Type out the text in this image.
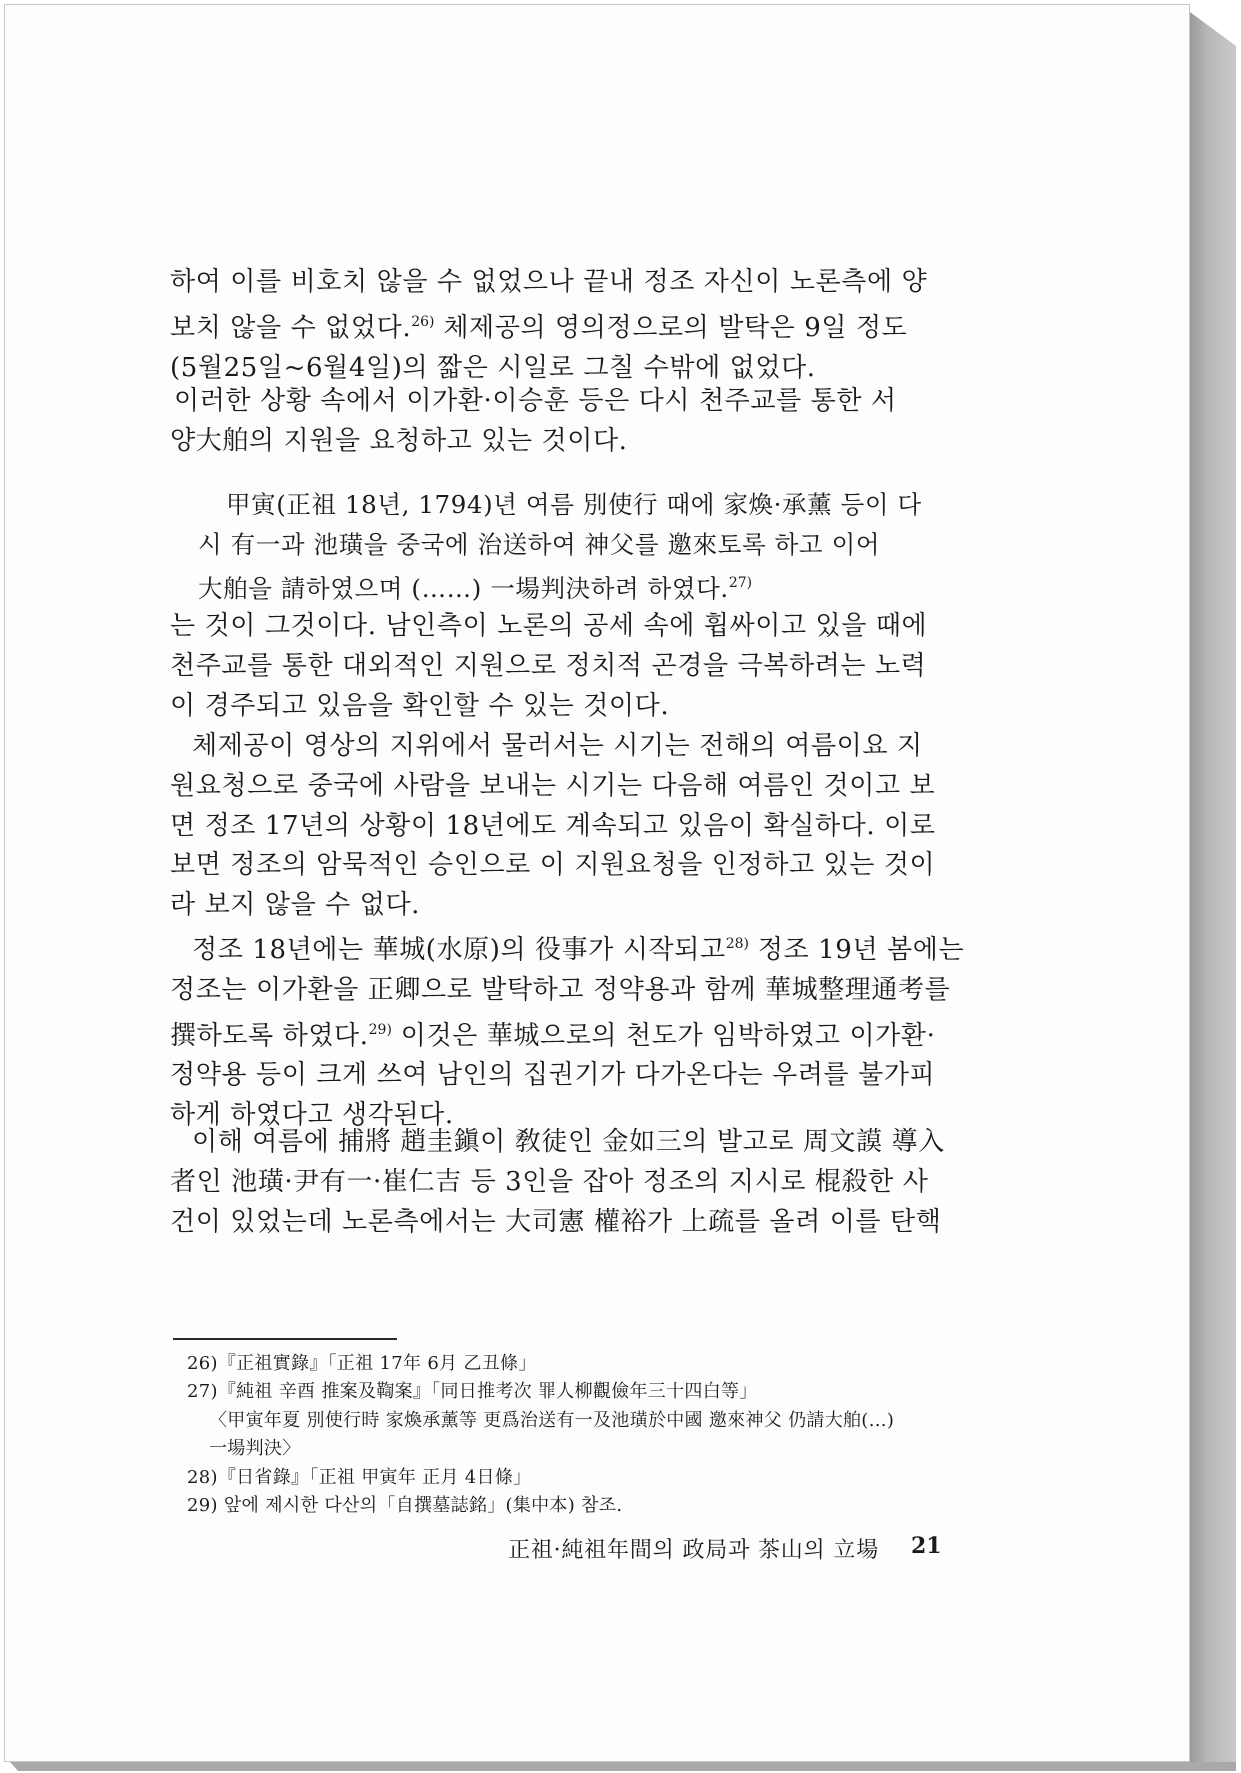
하여 이를 비호치 않을 수 없었으나 끝내 정조 자신이 노론측에 양
보치 않을 수 없었다.$^{26)}$ 체제공의 영의정으로의 발탁은 9일 정도
(5월25일~6월4일)의 짧은 시일로 그칠 수밖에 없었다.
이러한 상황 속에서 이가환·이승훈 등은 다시 천주교를 통한 서
양大舶의 지원을 요청하고 있는 것이다.
甲寅(正祖 18년, 1794)년 여름 別使行 때에 家煥·承薰 등이 다
시 有一과 池璜을 중국에 治送하여 神父를 邀來토록 하고 이어
大舶을 請하였으며 (……) 一場判決하려 하였다.$^{27)}$
는 것이 그것이다. 남인측이 노론의 공세 속에 휩싸이고 있을 때에
천주교를 통한 대외적인 지원으로 정치적 곤경을 극복하려는 노력
이 경주되고 있음을 확인할 수 있는 것이다.
체제공이 영상의 지위에서 물러서는 시기는 전해의 여름이요 지
원요청으로 중국에 사람을 보내는 시기는 다음해 여름인 것이고 보
면 정조 17년의 상황이 18년에도 계속되고 있음이 확실하다. 이로
보면 정조의 암묵적인 승인으로 이 지원요청을 인정하고 있는 것이
라 보지 않을 수 없다.
정조 18년에는 華城(水原)의 役事가 시작되고$^{28)}$ 정조 19년 봄에는
정조는 이가환을 正卿으로 발탁하고 정약용과 함께 華城整理通考를
撰하도록 하였다.$^{29)}$ 이것은 華城으로의 천도가 임박하였고 이가환·
정약용 등이 크게 쓰여 남인의 집권기가 다가온다는 우려를 불가피
하게 하였다고 생각된다.
이해 여름에 捕將 趙圭鎭이 敎徒인 金如三의 발고로 周文謨 導入
者인 池璜·尹有一·崔仁吉 등 3인을 잡아 정조의 지시로 棍殺한 사
건이 있었는데 노론측에서는 大司憲 權裕가 上疏를 올려 이를 탄핵
26)『正祖實錄』「正祖 17年 6月 乙丑條」
27)『純祖 辛酉 推案及鞫案』「同日推考次 罪人柳觀儉年三十四白等」
〈甲寅年夏 別使行時 家煥承薰等 更爲治送有一及池璜於中國 邀來神父 仍請大舶(…)
一場判決〉
28)『日省錄』「正祖 甲寅年 正月 4日條」
29) 앞에 제시한 다산의「自撰墓誌銘」(集中本) 참조.
正祖·純祖年間의 政局과 茶山의 立場 21
